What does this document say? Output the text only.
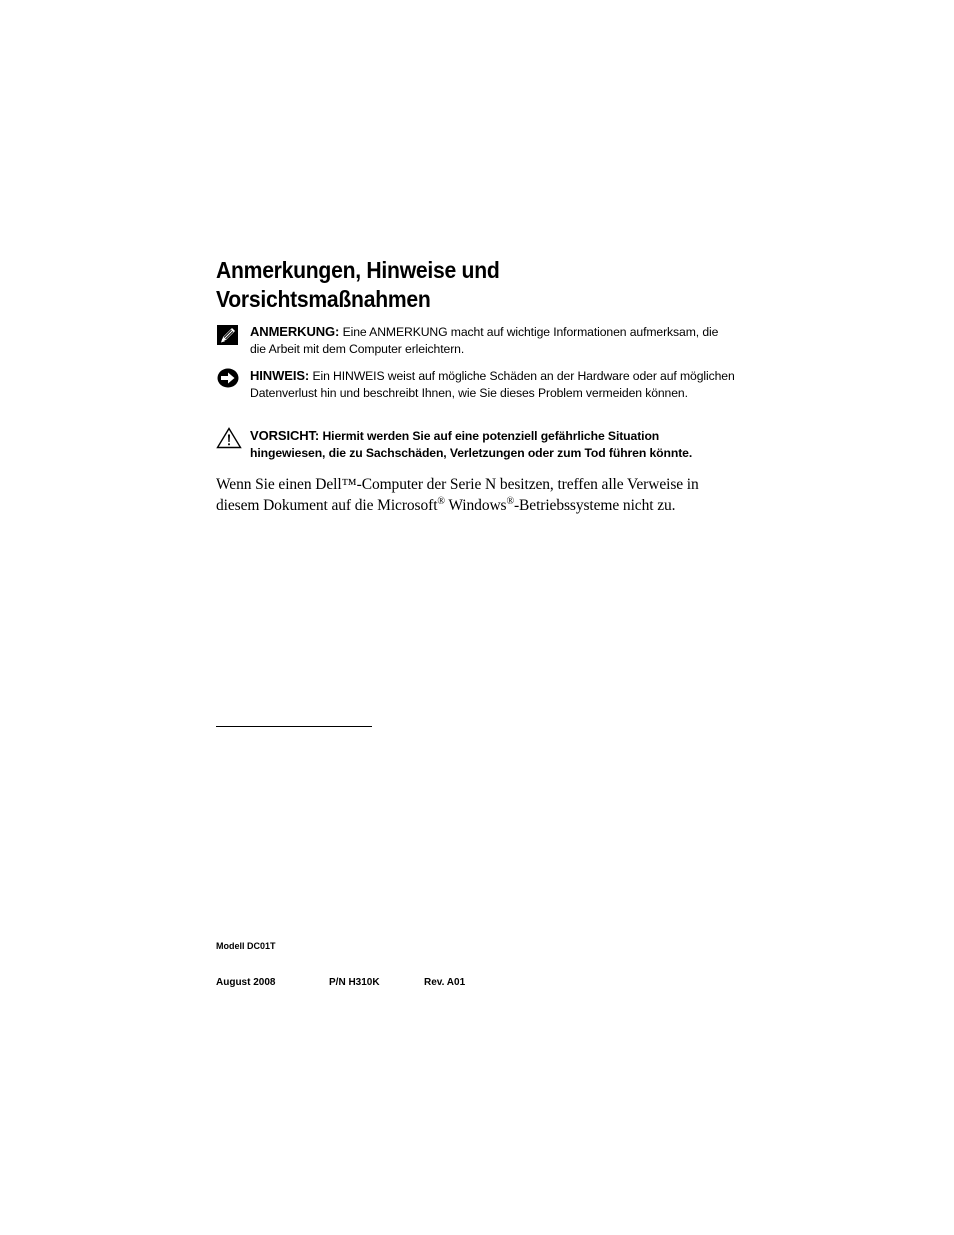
Anmerkungen, Hinweise und
Vorsichtsmaßnahmen
ANMERKUNG: Eine ANMERKUNG macht auf wichtige Informationen aufmerksam, die die Arbeit mit dem Computer erleichtern.
HINWEIS: Ein HINWEIS weist auf mögliche Schäden an der Hardware oder auf möglichen Datenverlust hin und beschreibt Ihnen, wie Sie dieses Problem vermeiden können.
VORSICHT: Hiermit werden Sie auf eine potenziell gefährliche Situation hingewiesen, die zu Sachschäden, Verletzungen oder zum Tod führen könnte.

Wenn Sie einen Dell™-Computer der Serie N besitzen, treffen alle Verweise in diesem Dokument auf die Microsoft® Windows®-Betriebssysteme nicht zu.

Modell DC01T
August 2008	P/N H310K	Rev. A01
